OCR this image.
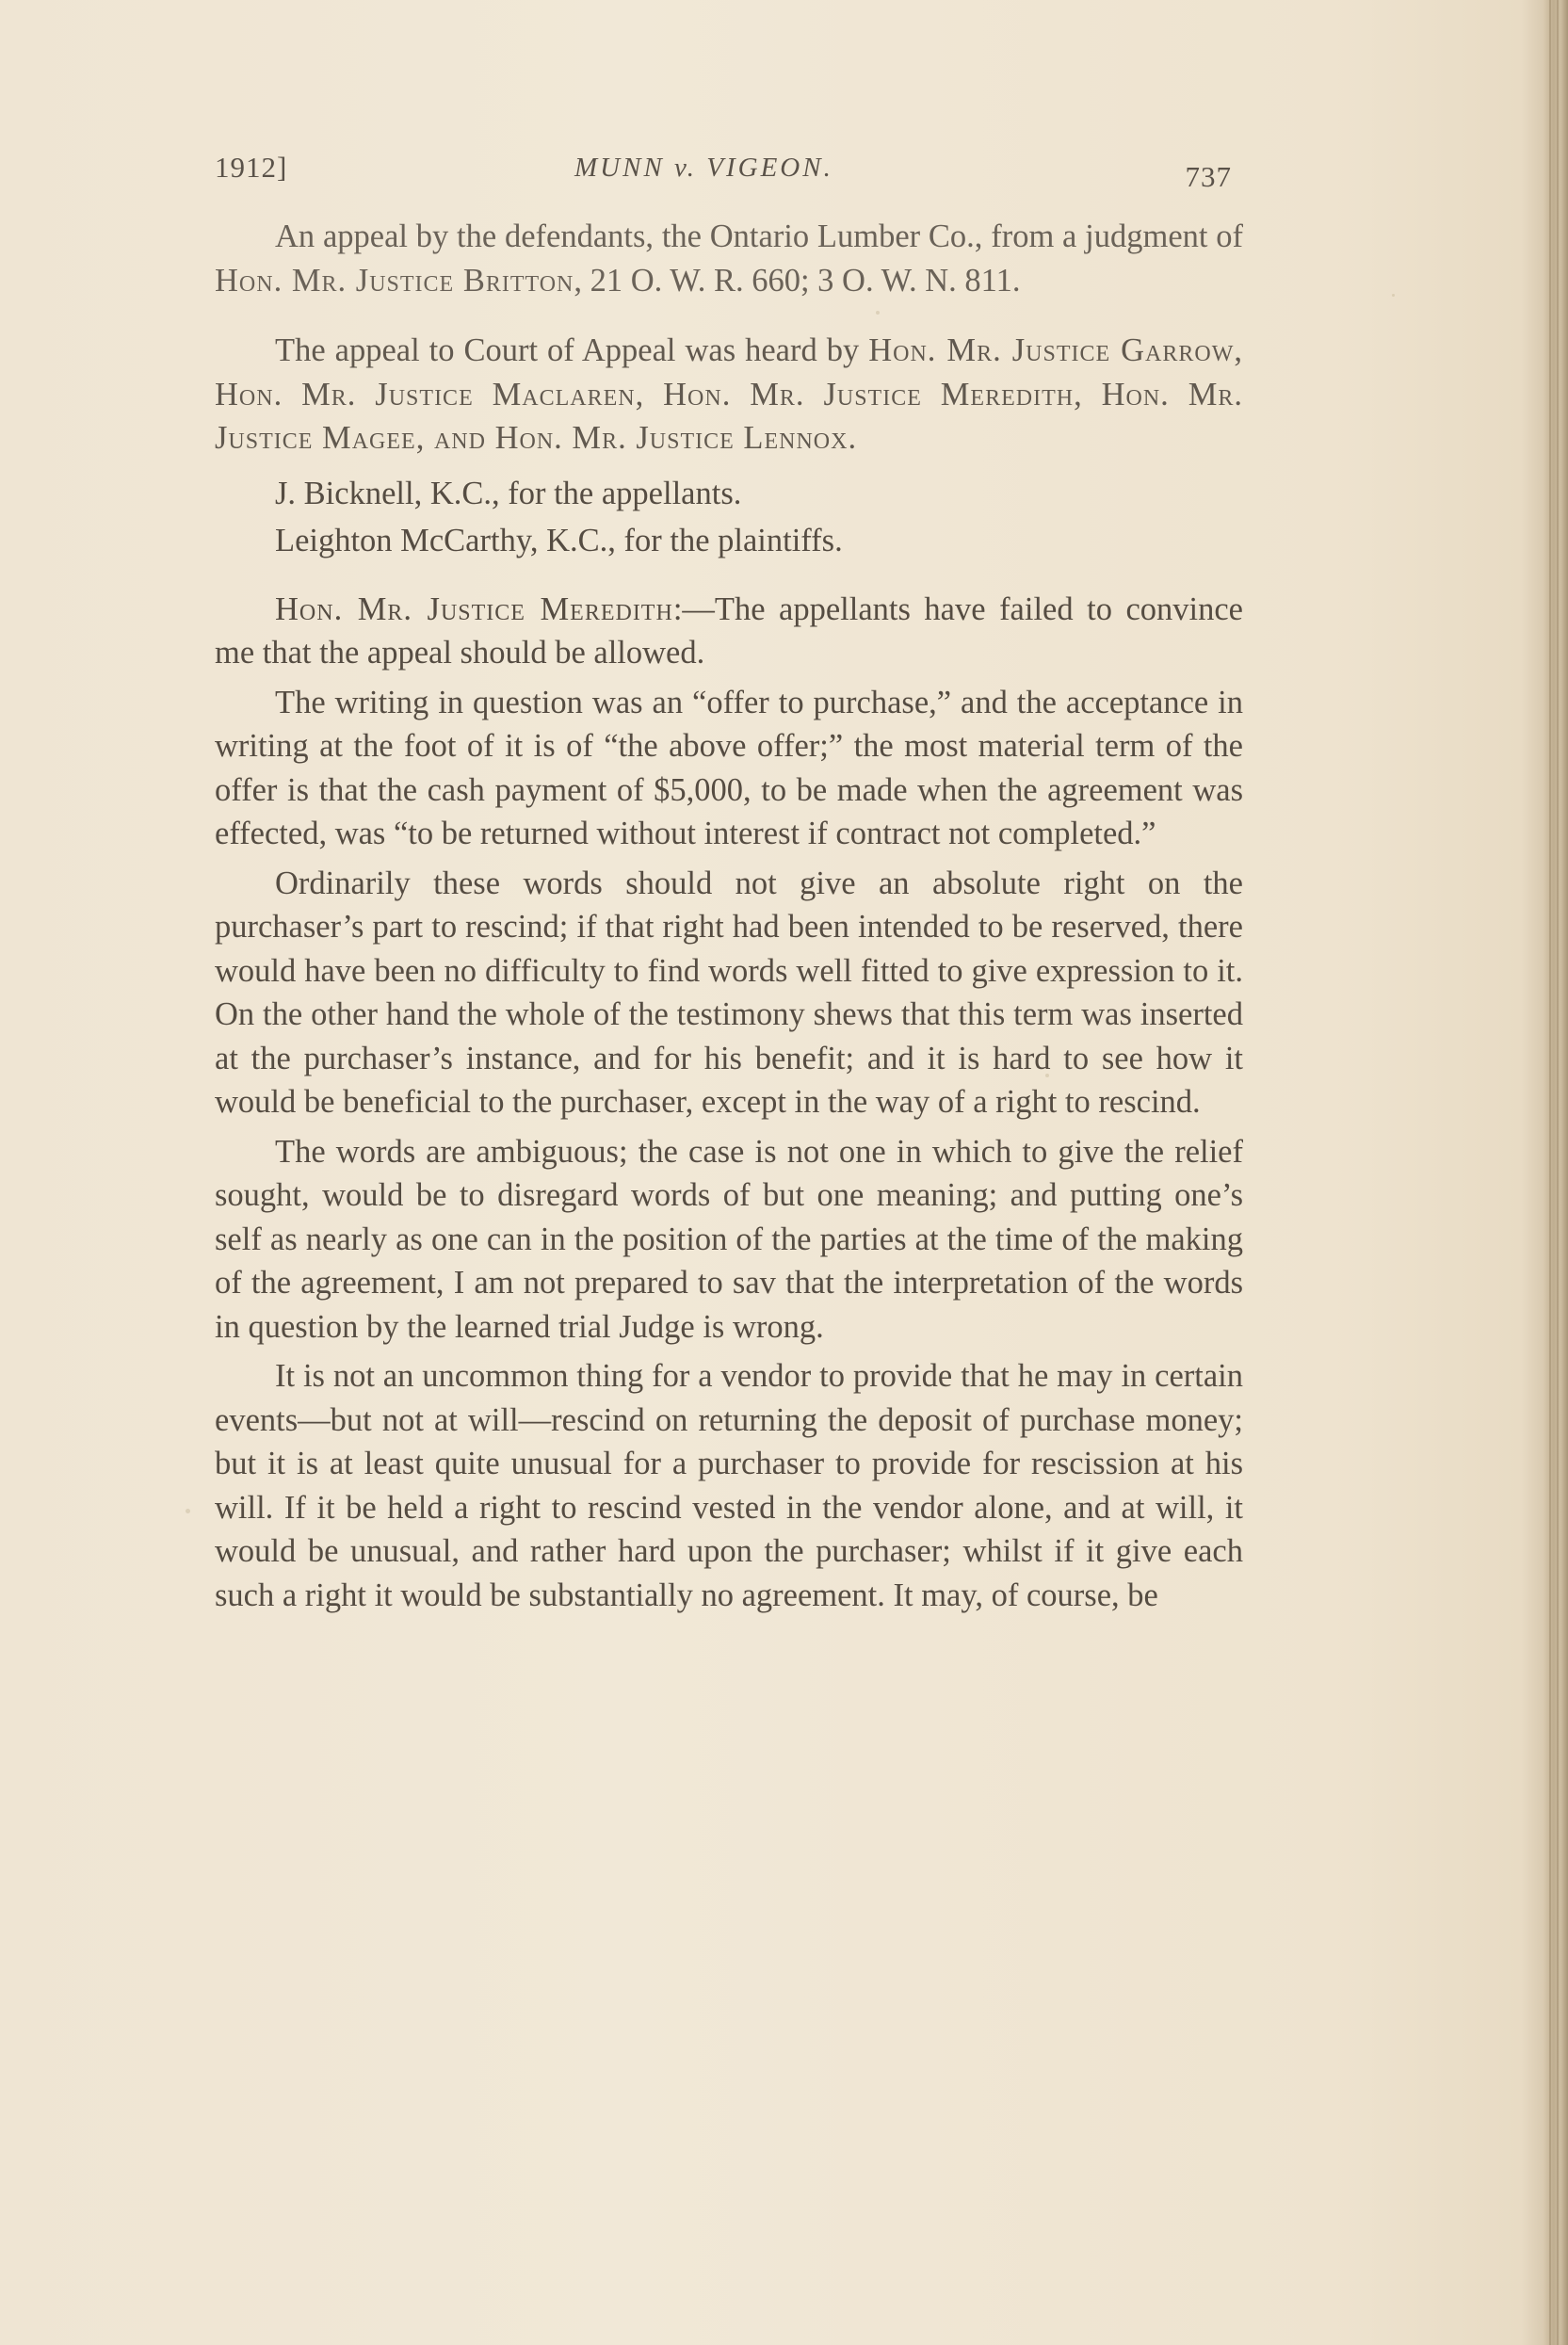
1912]	MUNN v. VIGEON.	737

An appeal by the defendants, the Ontario Lumber Co., from a judgment of Hon. Mr. Justice Britton, 21 O. W. R. 660; 3 O. W. N. 811.

The appeal to Court of Appeal was heard by Hon. Mr. Justice Garrow, Hon. Mr. Justice Maclaren, Hon. Mr. Justice Meredith, Hon. Mr. Justice Magee, and Hon. Mr. Justice Lennox.

J. Bicknell, K.C., for the appellants.

Leighton McCarthy, K.C., for the plaintiffs.

Hon. Mr. Justice Meredith:—The appellants have failed to convince me that the appeal should be allowed.

The writing in question was an “offer to purchase,” and the acceptance in writing at the foot of it is of “the above offer;” the most material term of the offer is that the cash payment of $5,000, to be made when the agreement was effected, was “to be returned without interest if contract not completed.”

Ordinarily these words should not give an absolute right on the purchaser’s part to rescind; if that right had been intended to be reserved, there would have been no difficulty to find words well fitted to give expression to it. On the other hand the whole of the testimony shews that this term was inserted at the purchaser’s instance, and for his benefit; and it is hard to see how it would be beneficial to the purchaser, except in the way of a right to rescind.

The words are ambiguous; the case is not one in which to give the relief sought, would be to disregard words of but one meaning; and putting one’s self as nearly as one can in the position of the parties at the time of the making of the agreement, I am not prepared to sav that the interpretation of the words in question by the learned trial Judge is wrong.

It is not an uncommon thing for a vendor to provide that he may in certain events—but not at will—rescind on returning the deposit of purchase money; but it is at least quite unusual for a purchaser to provide for rescission at his will. If it be held a right to rescind vested in the vendor alone, and at will, it would be unusual, and rather hard upon the purchaser; whilst if it give each such a right it would be substantially no agreement. It may, of course, be
